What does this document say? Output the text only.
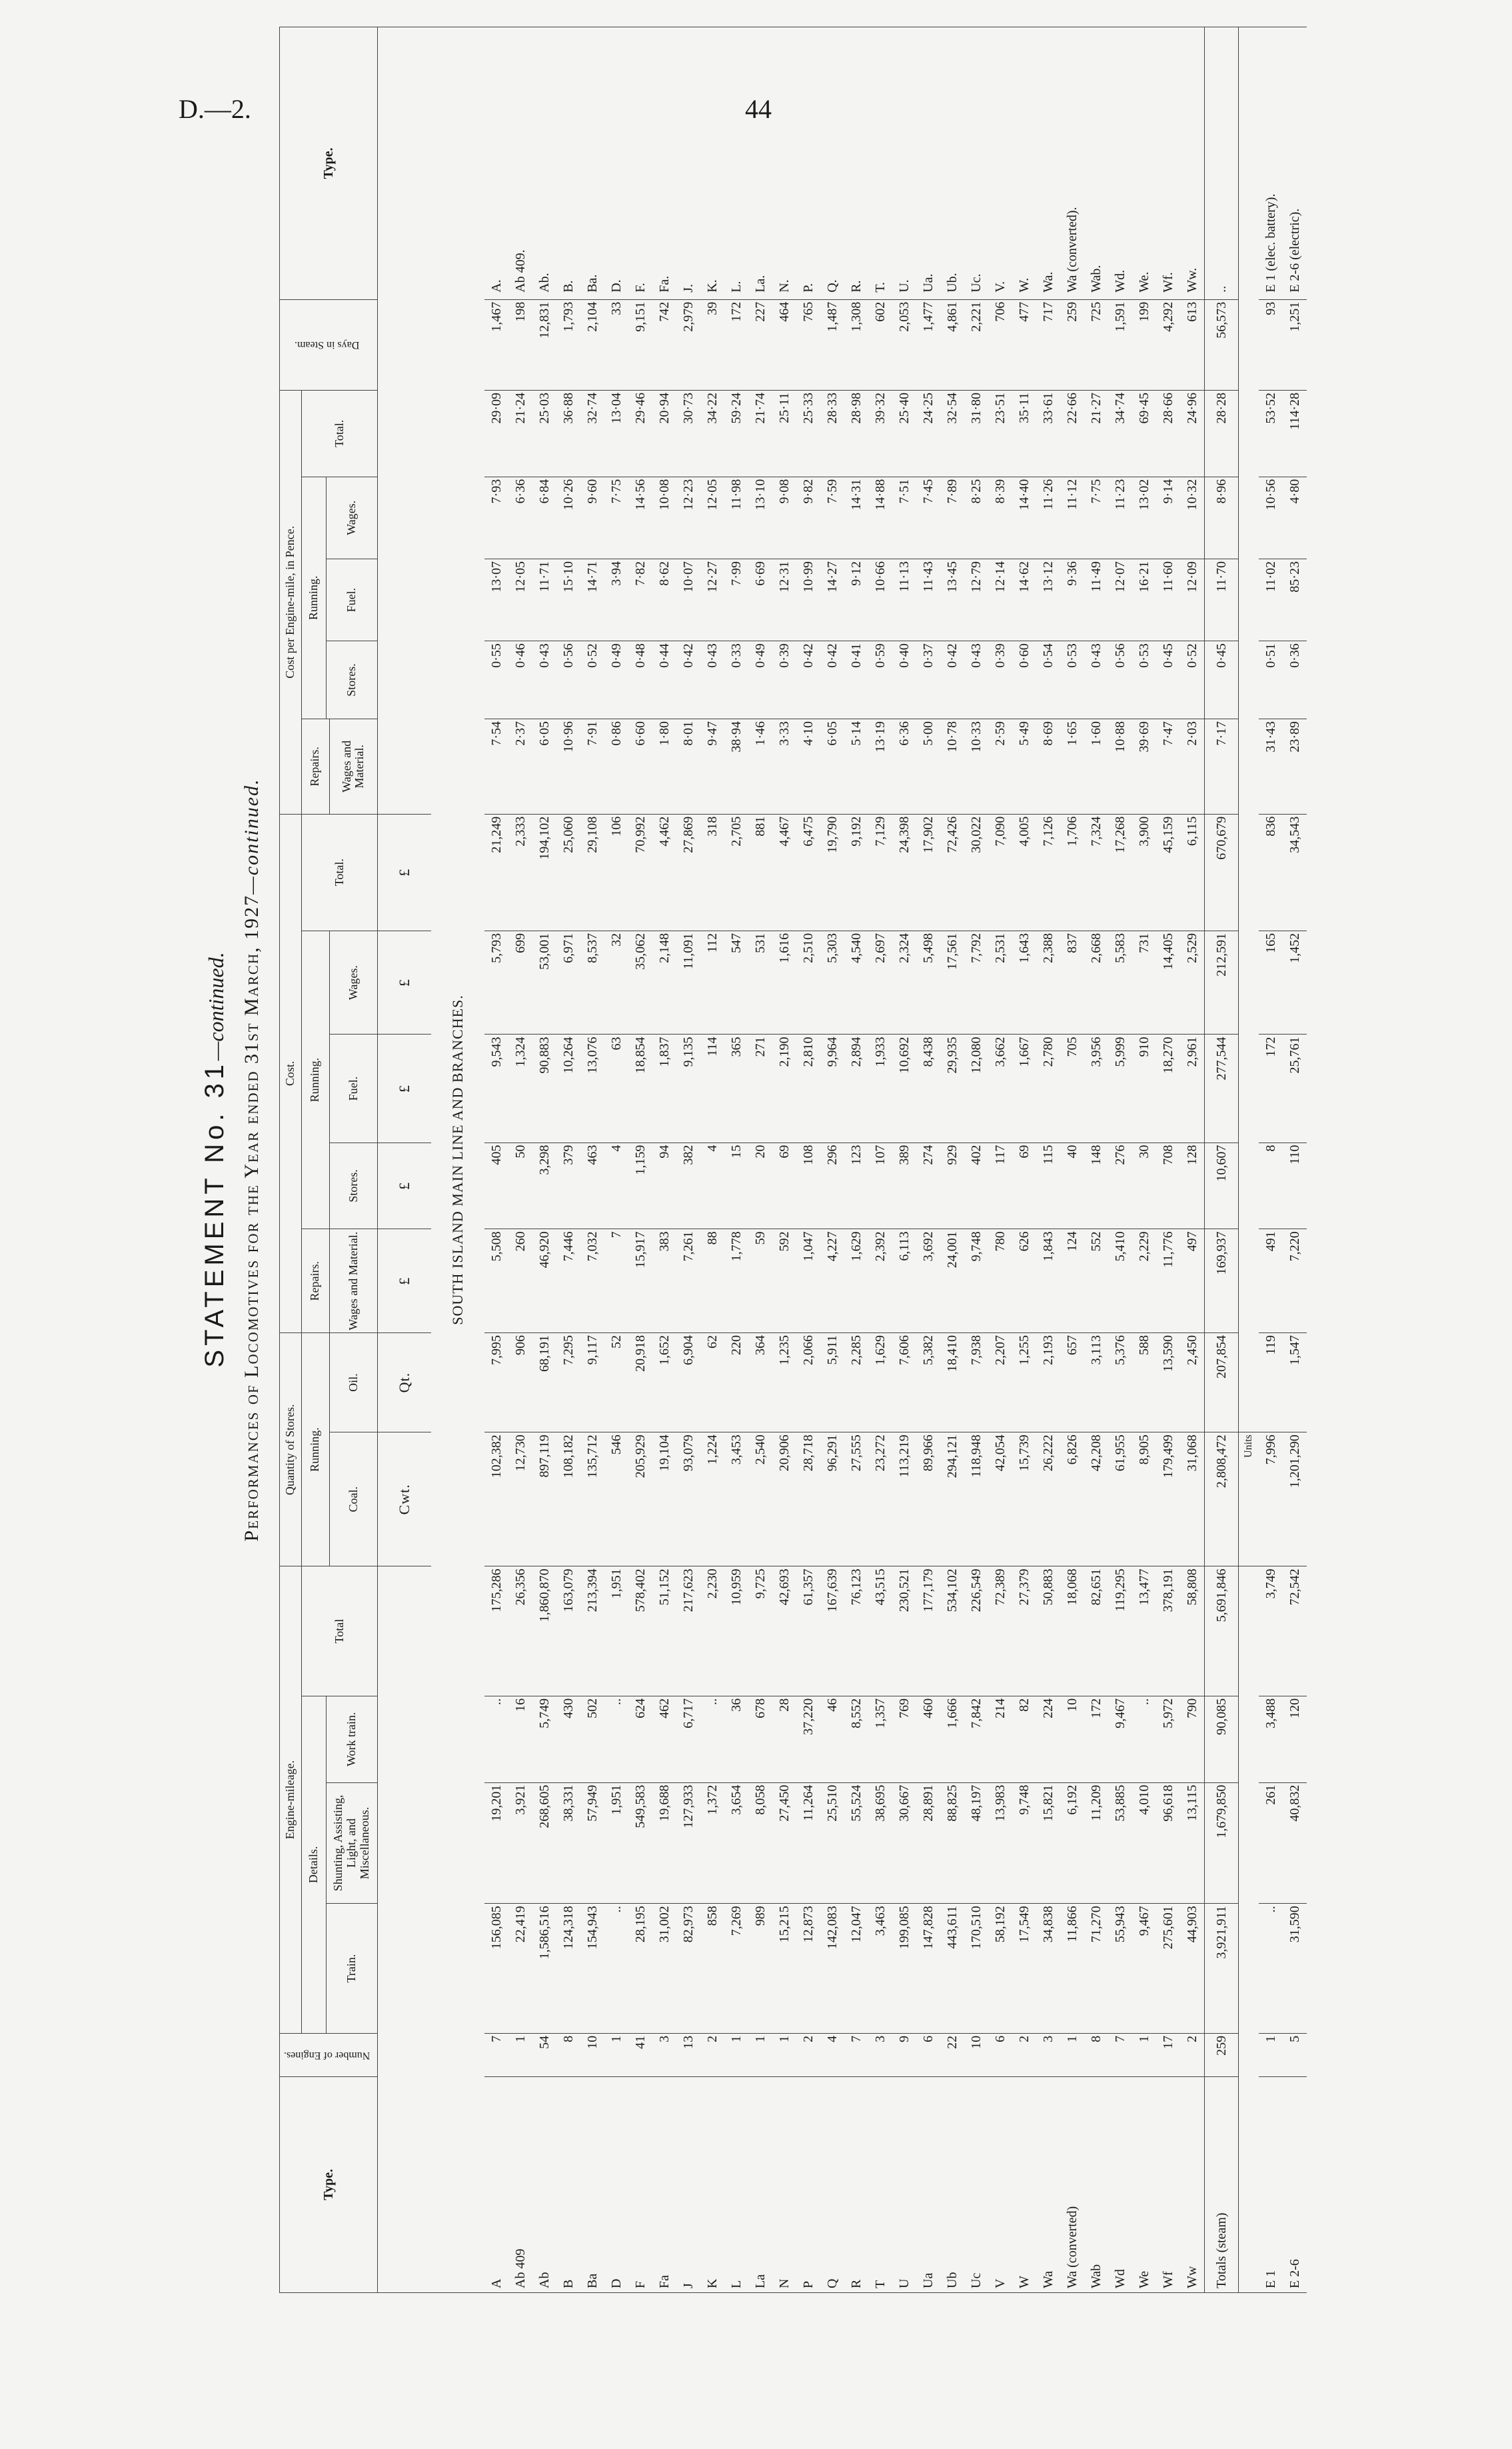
D.—2.	44
STATEMENT No. 31—continued. Performances of Locomotives for the Year ended 31st March, 1927—continued.
Type.	Number of Engines.	Engine-mileage.				Quantity of Stores.		Cost.					Cost per Engine-mile, in Pence.					Days in Steam.	Type.
		Details.			Total	Running.		Repairs.	Running.			Total.	Repairs.	Running.			Total.		
		Train.	Shunting, Assisting, Light, and Miscellaneous.	Work train.										Stores.	Fuel.	Wages.			
						Coal.	Oil.	Wages and Material.	Stores.	Fuel.	Wages.		Wages and Material.						
						Cwt.	Qt.	£	£	£	£	£							
SOUTH ISLAND MAIN LINE AND BRANCHES.																			
A	7	156,085	19,201	..	175,286	102,382	7,995	5,508	405	9,543	5,793	21,249	7·54	0·55	13·07	7·93	29·09	1,467	A.
Ab 409	1	22,419	3,921	16	26,356	12,730	906	260	50	1,324	699	2,333	2·37	0·46	12·05	6·36	21·24	198	Ab 409.
Ab	54	1,586,516	268,605	5,749	1,860,870	897,119	68,191	46,920	3,298	90,883	53,001	194,102	6·05	0·43	11·71	6·84	25·03	12,831	Ab.
B	8	124,318	38,331	430	163,079	108,182	7,295	7,446	379	10,264	6,971	25,060	10·96	0·56	15·10	10·26	36·88	1,793	B.
Ba	10	154,943	57,949	502	213,394	135,712	9,117	7,032	463	13,076	8,537	29,108	7·91	0·52	14·71	9·60	32·74	2,104	Ba.
D	1	..	1,951	..	1,951	546	52	7	4	63	32	106	0·86	0·49	3·94	7·75	13·04	33	D.
F	41	28,195	549,583	624	578,402	205,929	20,918	15,917	1,159	18,854	35,062	70,992	6·60	0·48	7·82	14·56	29·46	9,151	F.
Fa	3	31,002	19,688	462	51,152	19,104	1,652	383	94	1,837	2,148	4,462	1·80	0·44	8·62	10·08	20·94	742	Fa.
J	13	82,973	127,933	6,717	217,623	93,079	6,904	7,261	382	9,135	11,091	27,869	8·01	0·42	10·07	12·23	30·73	2,979	J.
K	2	858	1,372	..	2,230	1,224	62	88	4	114	112	318	9·47	0·43	12·27	12·05	34·22	39	K.
L	1	7,269	3,654	36	10,959	3,453	220	1,778	15	365	547	2,705	38·94	0·33	7·99	11·98	59·24	172	L.
La	1	989	8,058	678	9,725	2,540	364	59	20	271	531	881	1·46	0·49	6·69	13·10	21·74	227	La.
N	1	15,215	27,450	28	42,693	20,906	1,235	592	69	2,190	1,616	4,467	3·33	0·39	12·31	9·08	25·11	464	N.
P	2	12,873	11,264	37,220	61,357	28,718	2,066	1,047	108	2,810	2,510	6,475	4·10	0·42	10·99	9·82	25·33	765	P.
Q	4	142,083	25,510	46	167,639	96,291	5,911	4,227	296	9,964	5,303	19,790	6·05	0·42	14·27	7·59	28·33	1,487	Q.
R	7	12,047	55,524	8,552	76,123	27,555	2,285	1,629	123	2,894	4,540	9,192	5·14	0·41	9·12	14·31	28·98	1,308	R.
T	3	3,463	38,695	1,357	43,515	23,272	1,629	2,392	107	1,933	2,697	7,129	13·19	0·59	10·66	14·88	39·32	602	T.
U	9	199,085	30,667	769	230,521	113,219	7,606	6,113	389	10,692	2,324	24,398	6·36	0·40	11·13	7·51	25·40	2,053	U.
Ua	6	147,828	28,891	460	177,179	89,966	5,382	3,692	274	8,438	5,498	17,902	5·00	0·37	11·43	7·45	24·25	1,477	Ua.
Ub	22	443,611	88,825	1,666	534,102	294,121	18,410	24,001	929	29,935	17,561	72,426	10·78	0·42	13·45	7·89	32·54	4,861	Ub.
Uc	10	170,510	48,197	7,842	226,549	118,948	7,938	9,748	402	12,080	7,792	30,022	10·33	0·43	12·79	8·25	31·80	2,221	Uc.
V	6	58,192	13,983	214	72,389	42,054	2,207	780	117	3,662	2,531	7,090	2·59	0·39	12·14	8·39	23·51	706	V.
W	2	17,549	9,748	82	27,379	15,739	1,255	626	69	1,667	1,643	4,005	5·49	0·60	14·62	14·40	35·11	477	W.
Wa	3	34,838	15,821	224	50,883	26,222	2,193	1,843	115	2,780	2,388	7,126	8·69	0·54	13·12	11·26	33·61	717	Wa.
Wa (converted)	1	11,866	6,192	10	18,068	6,826	657	124	40	705	837	1,706	1·65	0·53	9·36	11·12	22·66	259	Wa (converted).
Wab	8	71,270	11,209	172	82,651	42,208	3,113	552	148	3,956	2,668	7,324	1·60	0·43	11·49	7·75	21·27	725	Wab.
Wd	7	55,943	53,885	9,467	119,295	61,955	5,376	5,410	276	5,999	5,583	17,268	10·88	0·56	12·07	11·23	34·74	1,591	Wd.
We	1	9,467	4,010	..	13,477	8,905	588	2,229	30	910	731	3,900	39·69	0·53	16·21	13·02	69·45	199	We.
Wf	17	275,601	96,618	5,972	378,191	179,499	13,590	11,776	708	18,270	14,405	45,159	7·47	0·45	11·60	9·14	28·66	4,292	Wf.
Ww	2	44,903	13,115	790	58,808	31,068	2,450	497	128	2,961	2,529	6,115	2·03	0·52	12·09	10·32	24·96	613	Ww.
Totals (steam)	259	3,921,911	1,679,850	90,085	5,691,846	2,808,472	207,854	169,937	10,607	277,544	212,591	670,679	7·17	0·45	11·70	8·96	28·28	56,573	..
						Units													
E 1	1	..	261	3,488	3,749	7,996	119	491	8	172	165	836	31·43	0·51	11·02	10·56	53·52	93	E 1 (elec. battery).
E 2-6	5	31,590	40,832	120	72,542	1,201,290	1,547	7,220	110	25,761	1,452	34,543	23·89	0·36	85·23	4·80	114·28	1,251	E 2-6 (electric).
